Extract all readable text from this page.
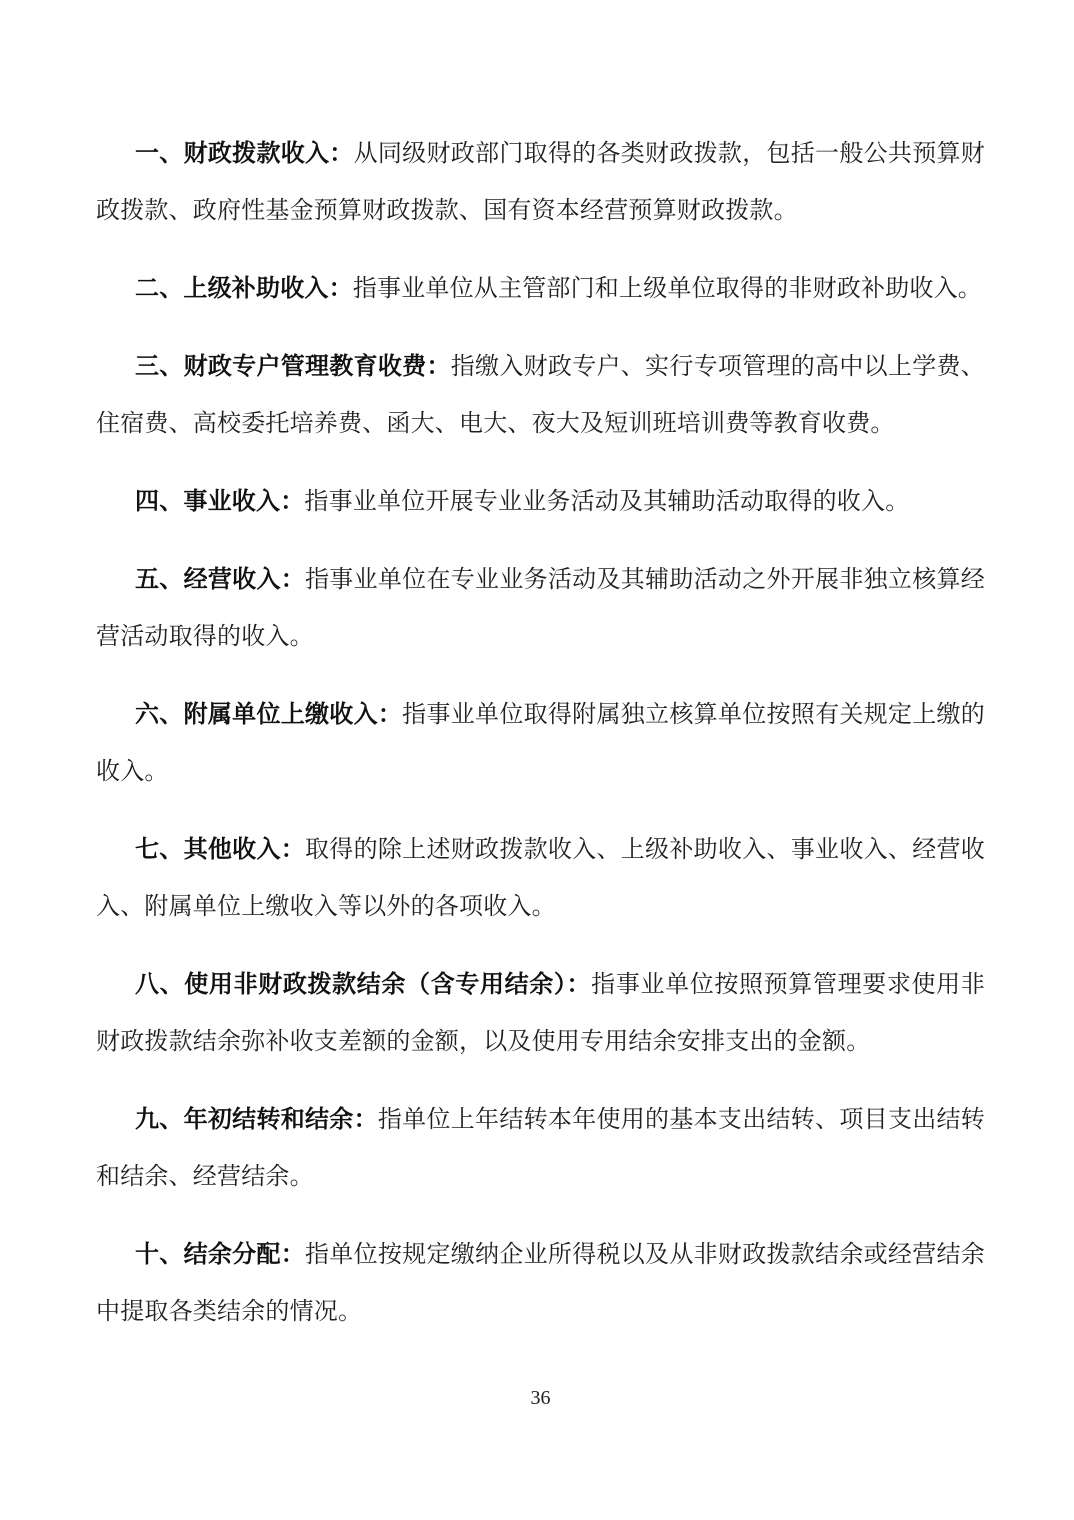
一、财政拨款收入：从同级财政部门取得的各类财政拨款，包括一般公共预算财政拨款、政府性基金预算财政拨款、国有资本经营预算财政拨款。

二、上级补助收入：指事业单位从主管部门和上级单位取得的非财政补助收入。

三、财政专户管理教育收费：指缴入财政专户、实行专项管理的高中以上学费、住宿费、高校委托培养费、函大、电大、夜大及短训班培训费等教育收费。

四、事业收入：指事业单位开展专业业务活动及其辅助活动取得的收入。

五、经营收入：指事业单位在专业业务活动及其辅助活动之外开展非独立核算经营活动取得的收入。

六、附属单位上缴收入：指事业单位取得附属独立核算单位按照有关规定上缴的收入。

七、其他收入：取得的除上述财政拨款收入、上级补助收入、事业收入、经营收入、附属单位上缴收入等以外的各项收入。

八、使用非财政拨款结余（含专用结余）：指事业单位按照预算管理要求使用非财政拨款结余弥补收支差额的金额，以及使用专用结余安排支出的金额。

九、年初结转和结余：指单位上年结转本年使用的基本支出结转、项目支出结转和结余、经营结余。

十、结余分配：指单位按规定缴纳企业所得税以及从非财政拨款结余或经营结余中提取各类结余的情况。

36
